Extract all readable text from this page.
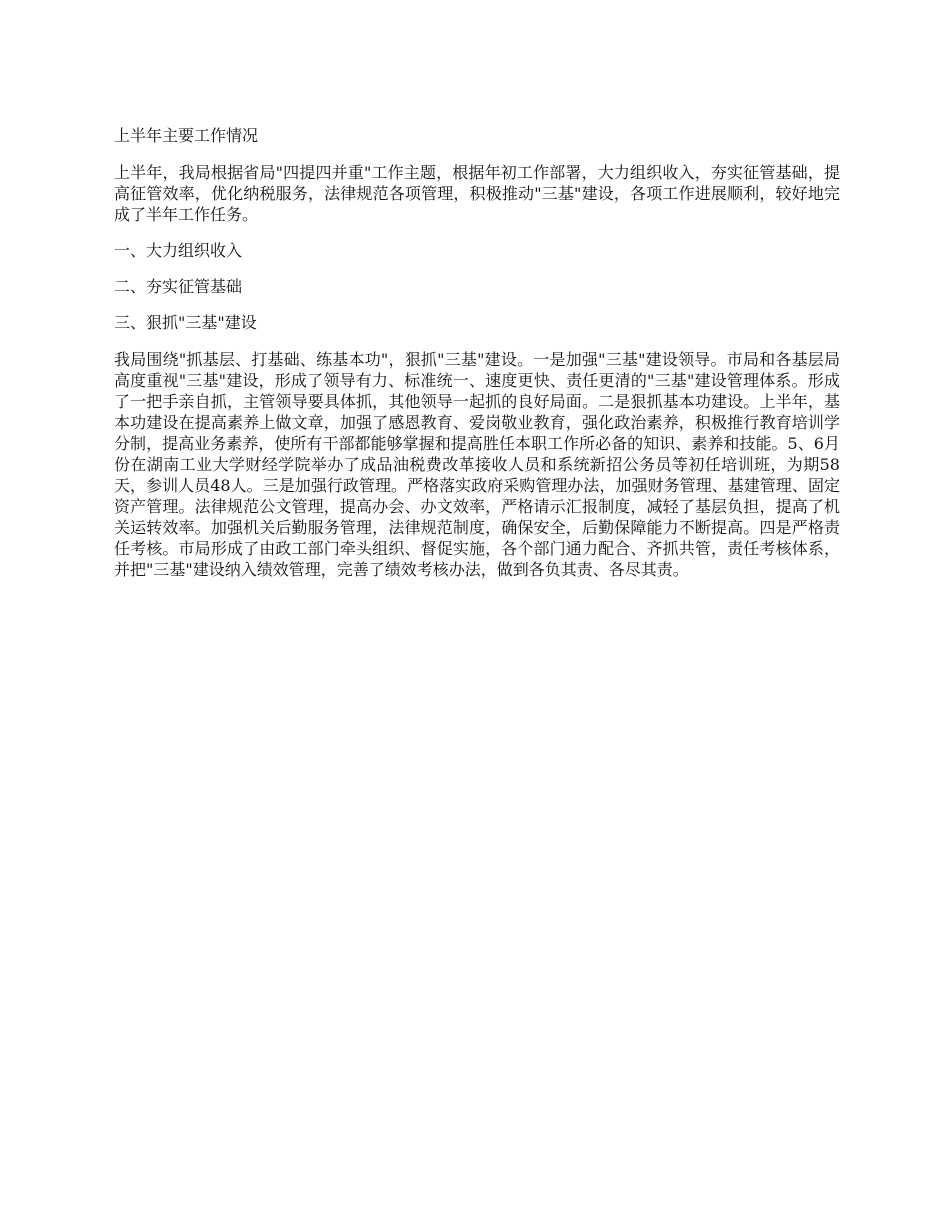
上半年主要工作情况

上半年，我局根据省局"四提四并重"工作主题，根据年初工作部署，大力组织收入，夯实征管基础，提高征管效率，优化纳税服务，法律规范各项管理，积极推动"三基"建设，各项工作进展顺利，较好地完成了半年工作任务。

一、大力组织收入

二、夯实征管基础

三、狠抓"三基"建设

我局围绕"抓基层、打基础、练基本功"，狠抓"三基"建设。一是加强"三基"建设领导。市局和各基层局高度重视"三基"建设，形成了领导有力、标准统一、速度更快、责任更清的"三基"建设管理体系。形成了一把手亲自抓，主管领导要具体抓，其他领导一起抓的良好局面。二是狠抓基本功建设。上半年，基本功建设在提高素养上做文章，加强了感恩教育、爱岗敬业教育，强化政治素养，积极推行教育培训学分制，提高业务素养，使所有干部都能够掌握和提高胜任本职工作所必备的知识、素养和技能。5、6月份在湖南工业大学财经学院举办了成品油税费改革接收人员和系统新招公务员等初任培训班，为期58天，参训人员48人。三是加强行政管理。严格落实政府采购管理办法，加强财务管理、基建管理、固定资产管理。法律规范公文管理，提高办会、办文效率，严格请示汇报制度，减轻了基层负担，提高了机关运转效率。加强机关后勤服务管理，法律规范制度，确保安全，后勤保障能力不断提高。四是严格责任考核。市局形成了由政工部门牵头组织、督促实施，各个部门通力配合、齐抓共管，责任考核体系，并把"三基"建设纳入绩效管理，完善了绩效考核办法，做到各负其责、各尽其责。
